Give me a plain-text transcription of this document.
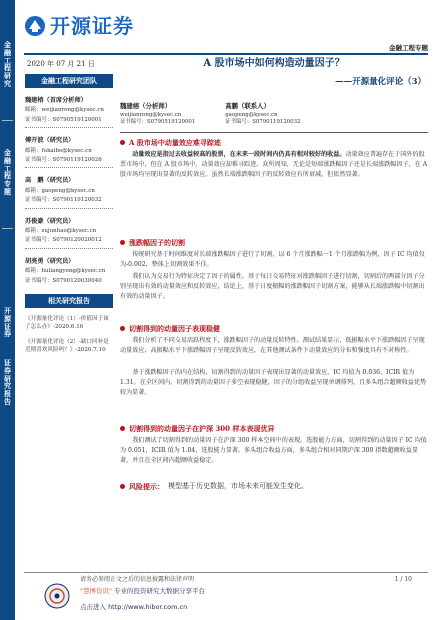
金融工程研究
金融工程专题
开源证券
证券研究报告
开源证券
金融工程专题
2020 年 07 月 21 日	A 股市场中如何构造动量因子？
——开源量化评论（3）
金融工程研究团队
魏建榕（首席分析师）
邮箱：weijianrong@kysec.cn
证书编号：S0790519120001
傅开波（研究员）
邮箱：fukaibo@kysec.cn
证书编号：S0790119120026
高　鹏（研究员）
邮箱：gaopeng@kysec.cn
证书编号：S0790119120032
苏俊豪（研究员）
邮箱：sujunhao@kysec.cn
证书编号：S0790120020012
胡亮勇（研究员）
邮箱：huliangyong@kysec.cn
证书编号：S0790120030040
相关研究报告
《开源量化评论（1）-价值因子该了怎么办》-2020.6.16
《开源量化评论（2）-缺口回补是近期喜欢风险吗？》-2020.7.10
魏建榕（分析师）
weijianrong@kysec.cn
证书编号：S0790519120001
高鹏（联系人）
gaopeng@kysec.cn
证书编号：S0790119120032
A 股市场中动量效应难寻踪迹
动量效应是指过去收益较高的股票，在未来一段时间内仍具有相对较好的收益。动量效应普遍存在于国外的股票市场中，但在 A 股市场中，动量效应却难寻踪迹。众所周知，无论是短端涨跌幅因子还是长端涨跌幅因子，在 A 股市场均呈现出显著的反转效应。虽然长端涨跌幅因子的反转效应有所衰减，但依然显著。
涨跌幅因子的切割
传统研究基于时间维度对长端涨跌幅因子进行了切割，以 6 个月涨跌幅一1 个月涨跌幅为例，因子 IC 均值仅为-0.002，整体上切割效果不佳。
我们认为交易行为特征决定了因子的属性，基于每日交易特征对涨跌幅因子进行切割，切割后的两部分因子分别呈现出有效的动量效应和反转效应，结论上，基于日度振幅的涨跌幅因子切割方案，能够从长端涨跌幅中切割出有效的动量因子。
切割得到的动量因子表现稳健
我们分析了不同交易活跃程度下，涨跌幅因子的动量反转特性。测试结果显示，低振幅水平下涨跌幅因子呈现动量效应，高振幅水平下涨跌幅因子呈现反转效应，在其他测试条件下动量效应的分布和强度具有不对称性。
基于涨跌幅因子的内在结构，切割得到的动量因子表现出显著的动量效应，IC 均值为 0.036，ICIR 值为 1.31。在全区间内，切割得到的动量因子多空表现稳健，因子的分组收益呈现单调排列，且多头组合超额收益优势较为显著。
切割得到的动量因子在沪深 300 样本表现优异
我们测试了切割得到的动量因子在沪深 300 样本空间中的表现。选股能力方面，切割得到的动量因子 IC 均值为 0.051，ICIR 值为 1.04，选股能力显著。多头组合收益方面，多头组合相对同期沪深 300 指数超额收益显著，并且在全区间内超额收益稳定。
风险提示： 模型基于历史数据，市场未来可能发生变化。
请务必参阅正文之后的信息披露和法律声明	1 / 10
"慧博资讯" 专业的投资研究大数据分享平台
点击进入 http://www.hibor.com.cn
